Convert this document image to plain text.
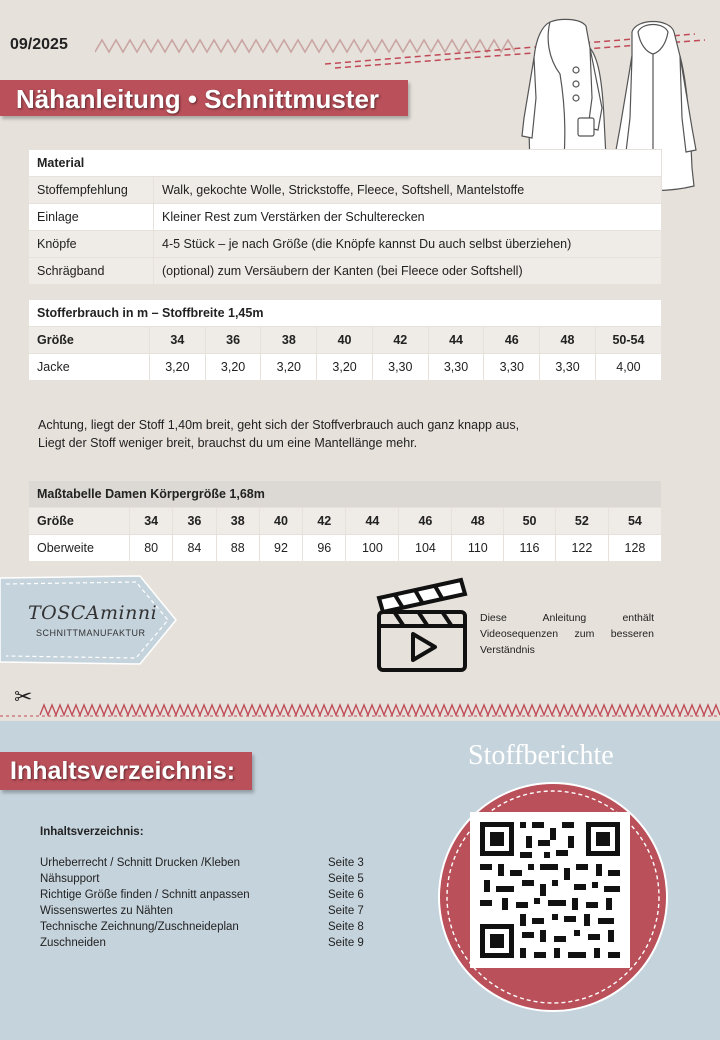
09/2025
Nähanleitung • Schnittmuster
Material	
Stoffempfehlung	Walk, gekochte Wolle, Strickstoffe, Fleece, Softshell, Mantelstoffe
Einlage	Kleiner Rest zum Verstärken der Schulterecken
Knöpfe	4-5 Stück – je nach Größe (die Knöpfe kannst Du auch selbst überziehen)
Schrägband	(optional) zum Versäubern der Kanten (bei Fleece oder Softshell)
Stofferbrauch in m – Stoffbreite 1,45m									
Größe	34	36	38	40	42	44	46	48	50-54
Jacke	3,20	3,20	3,20	3,20	3,30	3,30	3,30	3,30	4,00
Achtung, liegt der Stoff 1,40m breit, geht sich der Stoffverbrauch auch ganz knapp aus,
Liegt der Stoff weniger breit, brauchst du um eine Mantellänge mehr.
Maßtabelle Damen Körpergröße 1,68m											
Größe	34	36	38	40	42	44	46	48	50	52	54
Oberweite	80	84	88	92	96	100	104	110	116	122	128
TOSCAminni
SCHNITTMANUFAKTUR
Diese Anleitung enthält Videosequenzen zum besseren Verständnis
✂
Inhaltsverzeichnis:
Inhaltsverzeichnis:
Urheberrecht / Schnitt Drucken /Kleben	Seite 3
Nähsupport	Seite 5
Richtige Größe finden / Schnitt anpassen	Seite 6
Wissenswertes zu Nähten	Seite 7
Technische Zeichnung/Zuschneideplan	Seite 8
Zuschneiden	Seite 9
Stoffberichte
